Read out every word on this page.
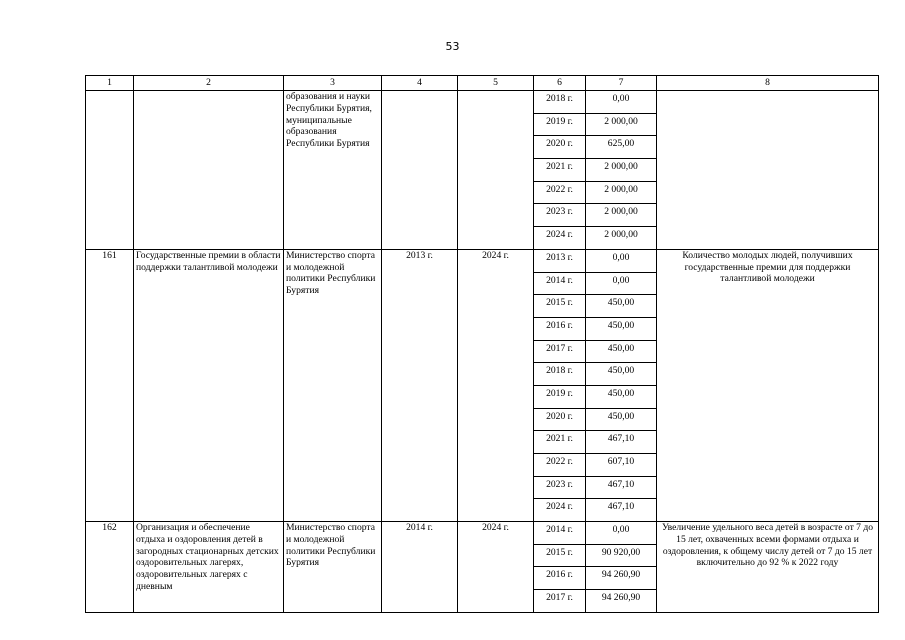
53
1	2	3	4	5	6	7	8
		образования и науки Республики Бурятия, муниципальные образования Республики Бурятия			2018 г.	0,00	
					2019 г.	2 000,00	
					2020 г.	625,00	
					2021 г.	2 000,00	
					2022 г.	2 000,00	
					2023 г.	2 000,00	
					2024 г.	2 000,00	
161	Государственные премии в области поддержки талантливой молодежи	Министерство спорта и молодежной политики Республики Бурятия	2013 г.	2024 г.	2013 г.	0,00	Количество молодых людей, получивших государственные премии для поддержки талантливой молодежи
					2014 г.	0,00	
					2015 г.	450,00	
					2016 г.	450,00	
					2017 г.	450,00	
					2018 г.	450,00	
					2019 г.	450,00	
					2020 г.	450,00	
					2021 г.	467,10	
					2022 г.	607,10	
					2023 г.	467,10	
					2024 г.	467,10	
162	Организация и обеспечение отдыха и оздоровления детей в загородных стационарных детских оздоровительных лагерях, оздоровительных лагерях с дневным	Министерство спорта и молодежной политики Республики Бурятия	2014 г.	2024 г.	2014 г.	0,00	Увеличение удельного веса детей в возрасте от 7 до 15 лет, охваченных всеми формами отдыха и оздоровления, к общему числу детей от 7 до 15 лет включительно до 92 % к 2022 году
					2015 г.	90 920,00	
					2016 г.	94 260,90	
					2017 г.	94 260,90	
